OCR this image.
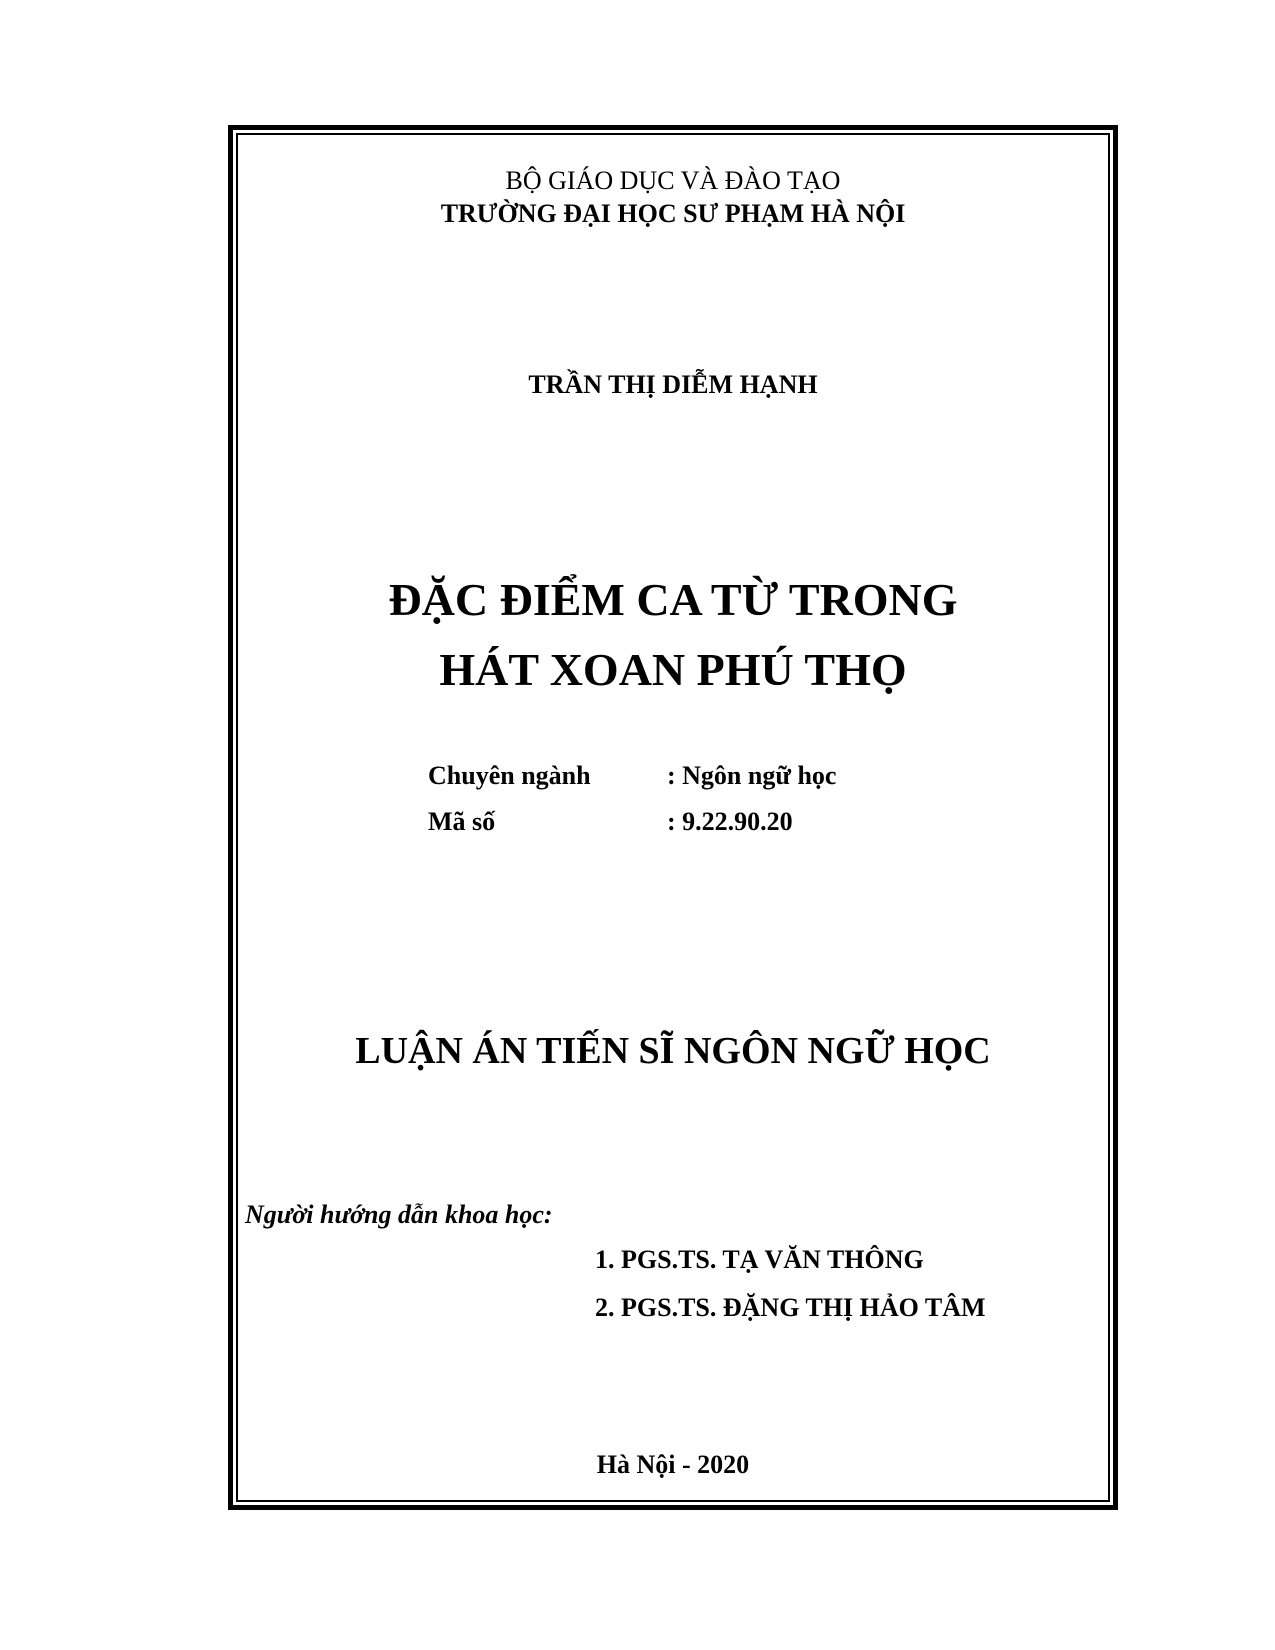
BỘ GIÁO DỤC VÀ ĐÀO TẠO
TRƯỜNG ĐẠI HỌC SƯ PHẠM HÀ NỘI
TRẦN THỊ DIỄM HẠNH
ĐẶC ĐIỂM CA TỪ TRONG
HÁT XOAN PHÚ THỌ
Chuyên ngành	: Ngôn ngữ học
Mã số	: 9.22.90.20
LUẬN ÁN TIẾN SĨ NGÔN NGỮ HỌC
Người hướng dẫn khoa học:
1. PGS.TS. TẠ VĂN THÔNG
2. PGS.TS. ĐẶNG THỊ HẢO TÂM
Hà Nội - 2020
